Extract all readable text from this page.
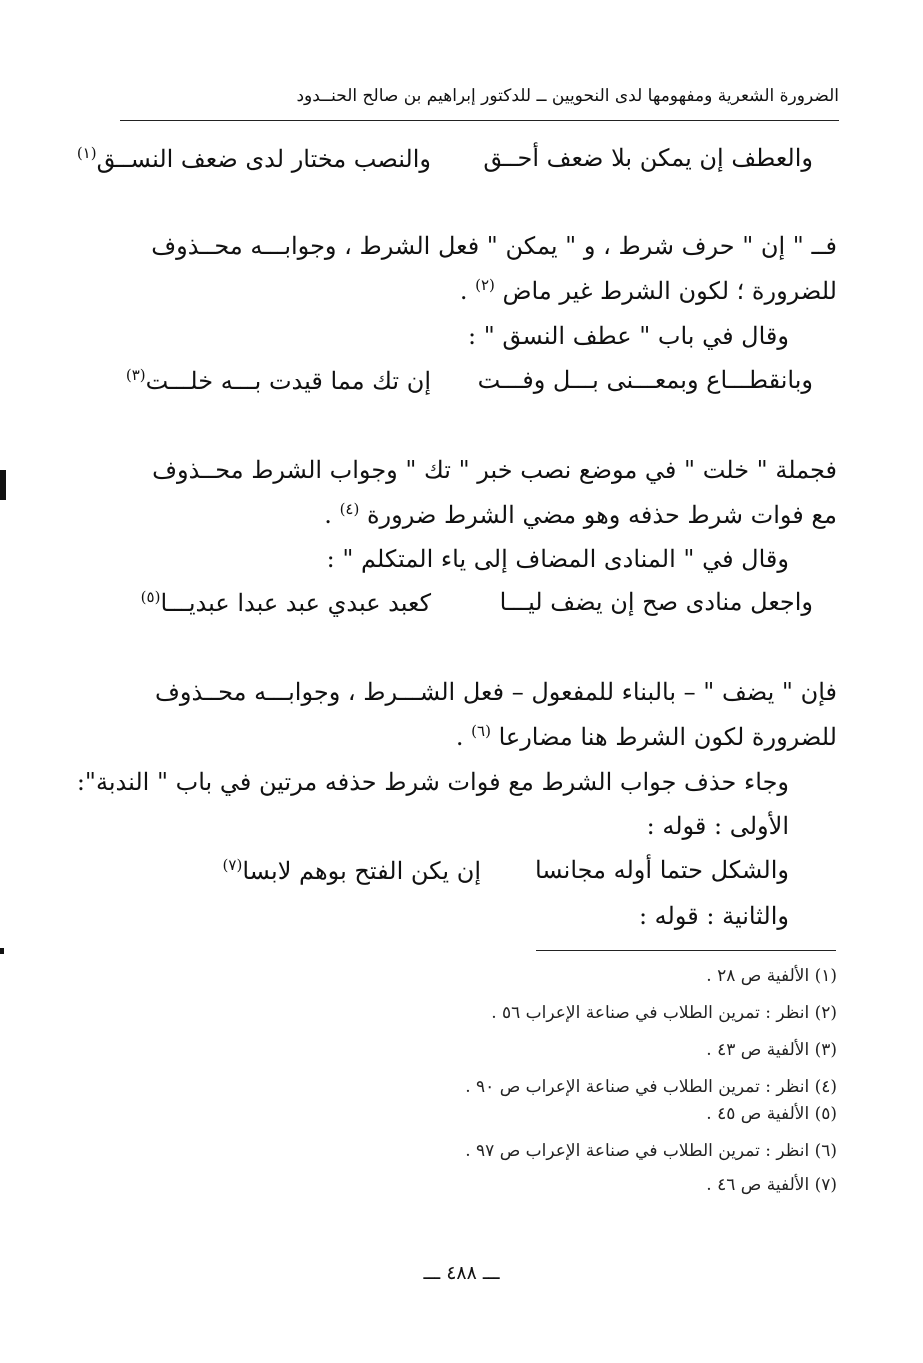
الضرورة الشعرية ومفهومها لدى النحويين ــ للدكتور إبراهيم بن صالح الحنــدود
والعطف إن يمكن بلا ضعف أحــق
والنصب مختار لدى ضعف النســق$^{(١)}$
فــ " إن " حرف شرط ، و " يمكن " فعل الشرط ، وجوابـــه محــذوف
للضرورة ؛ لكون الشرط غير ماض $^{(٢)}$ .
وقال في باب " عطف النسق " :
وبانقطـــاع وبمعـــنى بـــل وفـــت
إن تك مما قيدت بـــه خلـــت$^{(٣)}$
فجملة " خلت " في موضع نصب خبر " تك " وجواب الشرط محــذوف
مع فوات شرط حذفه وهو مضي الشرط ضرورة $^{(٤)}$ .
وقال في " المنادى المضاف إلى ياء المتكلم " :
واجعل منادى صح إن يضف ليـــا
كعبد عبدي عبد عبدا عبديـــا$^{(٥)}$
فإن " يضف " – بالبناء للمفعول – فعل الشـــرط ، وجوابـــه محــذوف
للضرورة لكون الشرط هنا مضارعا $^{(٦)}$ .
وجاء حذف جواب الشرط مع فوات شرط حذفه مرتين في باب " الندبة":
الأولى : قوله :
والشكل حتما أوله مجانسا
إن يكن الفتح بوهم لابسا$^{(٧)}$
والثانية : قوله :
(١) الألفية ص ٢٨ .
(٢) انظر : تمرين الطلاب في صناعة الإعراب ٥٦ .
(٣) الألفية ص ٤٣ .
(٤) انظر : تمرين الطلاب في صناعة الإعراب ص ٩٠ .
(٥) الألفية ص ٤٥ .
(٦) انظر : تمرين الطلاب في صناعة الإعراب ص ٩٧ .
(٧) الألفية ص ٤٦ .
ـــ ٤٨٨ ـــ
